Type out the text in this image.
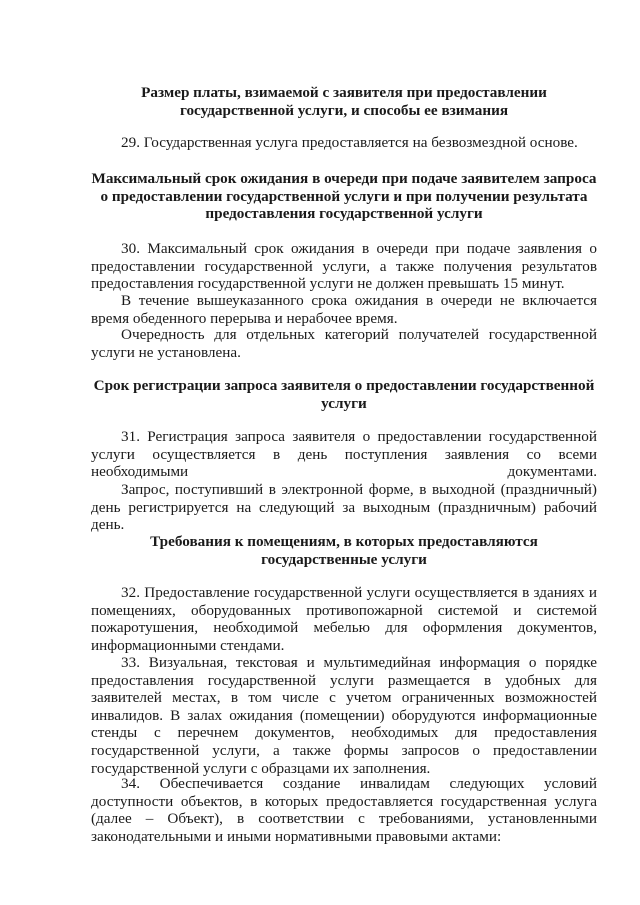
Размер платы, взимаемой с заявителя при предоставлении государственной услуги, и способы ее взимания

29. Государственная услуга предоставляется на безвозмездной основе.

Максимальный срок ожидания в очереди при подаче заявителем запроса о предоставлении государственной услуги и при получении результата предоставления государственной услуги

30. Максимальный срок ожидания в очереди при подаче заявления о предоставлении государственной услуги, а также получения результатов предоставления государственной услуги не должен превышать 15 минут.

В течение вышеуказанного срока ожидания в очереди не включается время обеденного перерыва и нерабочее время.

Очередность для отдельных категорий получателей государственной услуги не установлена.

Срок регистрации запроса заявителя о предоставлении государственной услуги

31. Регистрация запроса заявителя о предоставлении государственной услуги осуществляется в день поступления заявления со всеми необходимыми документами.

Запрос, поступивший в электронной форме, в выходной (праздничный) день регистрируется на следующий за выходным (праздничным) рабочий день.

Требования к помещениям, в которых предоставляются государственные услуги

32. Предоставление государственной услуги осуществляется в зданиях и помещениях, оборудованных противопожарной системой и системой пожаротушения, необходимой мебелью для оформления документов, информационными стендами.

33. Визуальная, текстовая и мультимедийная информация о порядке предоставления государственной услуги размещается в удобных для заявителей местах, в том числе с учетом ограниченных возможностей инвалидов. В залах ожидания (помещении) оборудуются информационные стенды с перечнем документов, необходимых для предоставления государственной услуги, а также формы запросов о предоставлении государственной услуги с образцами их заполнения.

34. Обеспечивается создание инвалидам следующих условий доступности объектов, в которых предоставляется государственная услуга (далее – Объект), в соответствии с требованиями, установленными законодательными и иными нормативными правовыми актами:
